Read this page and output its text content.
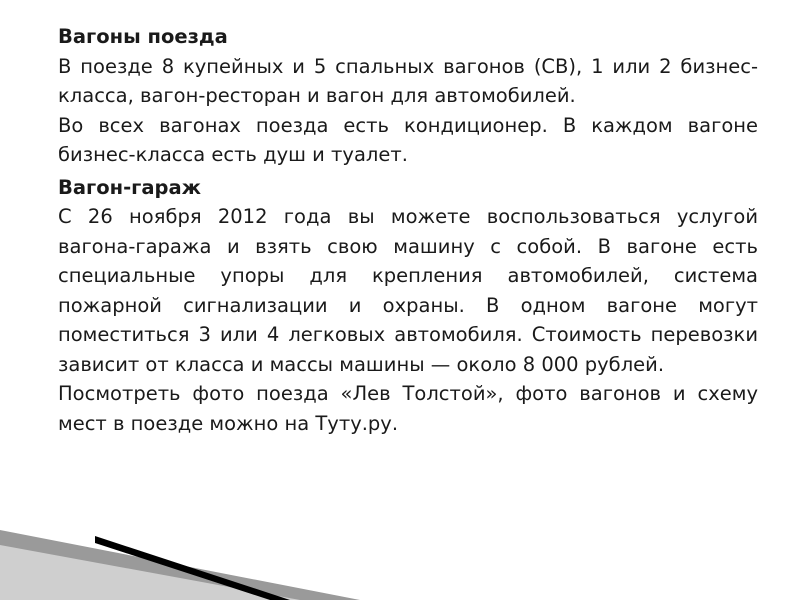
Вагоны поезда

В поезде 8 купейных и 5 спальных вагонов (СВ), 1 или 2 бизнес-класса, вагон-ресторан и вагон для автомобилей.

Во всех вагонах поезда есть кондиционер. В каждом вагоне бизнес-класса есть душ и туалет.

Вагон-гараж

С 26 ноября 2012 года вы можете воспользоваться услугой вагона-гаража и взять свою машину с собой. В вагоне есть специальные упоры для крепления автомобилей, система пожарной сигнализации и охраны. В одном вагоне могут поместиться 3 или 4 легковых автомобиля. Стоимость перевозки зависит от класса и массы машины — около 8 000 рублей.

Посмотреть фото поезда «Лев Толстой», фото вагонов и схему мест в поезде можно на Туту.ру.
